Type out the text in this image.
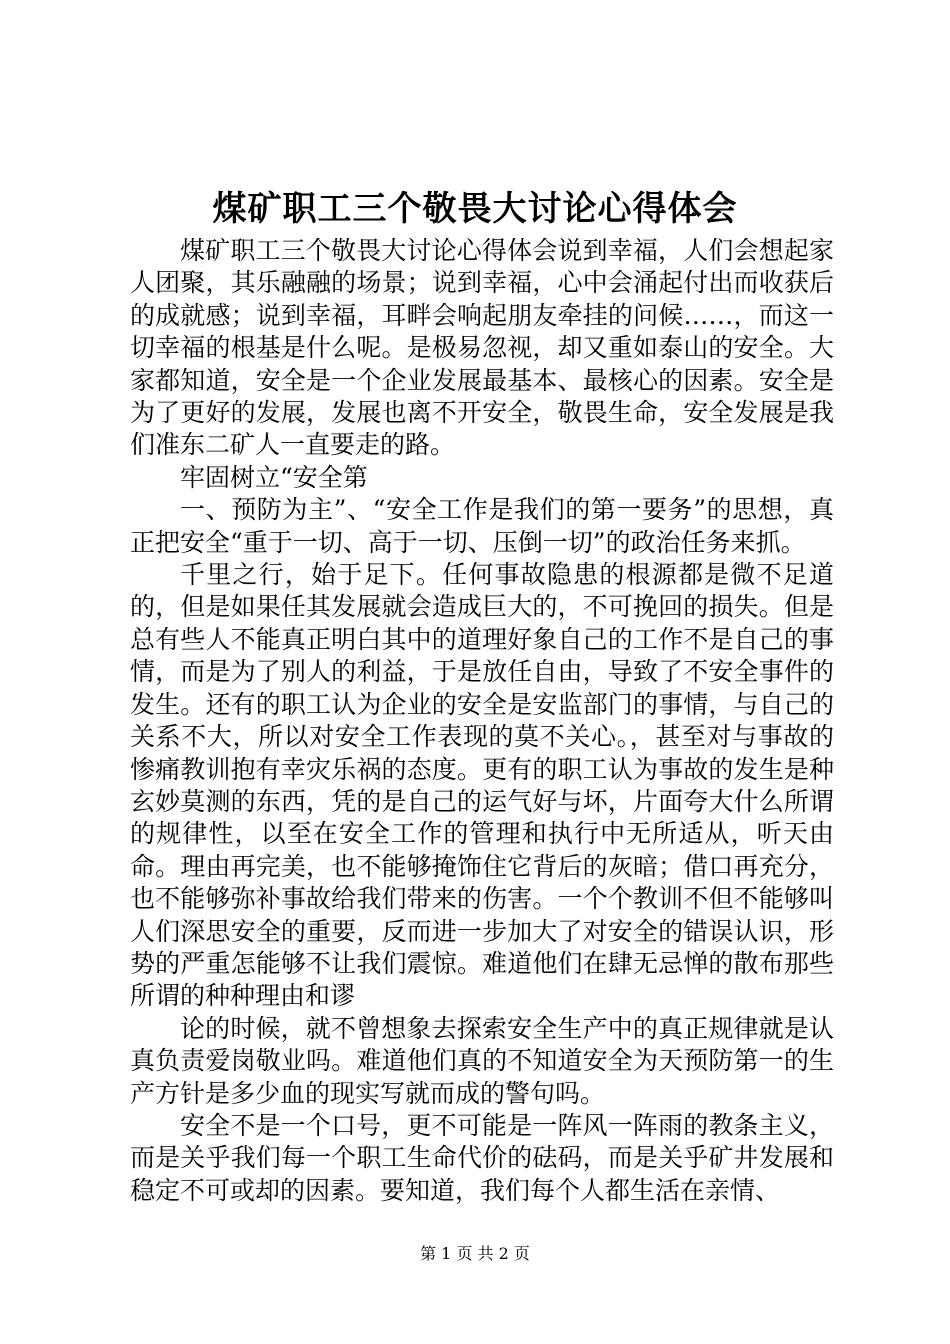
煤矿职工三个敬畏大讨论心得体会

煤矿职工三个敬畏大讨论心得体会说到幸福，人们会想起家人团聚，其乐融融的场景；说到幸福，心中会涌起付出而收获后的成就感；说到幸福，耳畔会响起朋友牵挂的问候……，而这一切幸福的根基是什么呢。是极易忽视，却又重如泰山的安全。大家都知道，安全是一个企业发展最基本、最核心的因素。安全是为了更好的发展，发展也离不开安全，敬畏生命，安全发展是我们准东二矿人一直要走的路。

牢固树立“安全第

一、预防为主”、“安全工作是我们的第一要务”的思想，真正把安全“重于一切、高于一切、压倒一切”的政治任务来抓。

千里之行，始于足下。任何事故隐患的根源都是微不足道的，但是如果任其发展就会造成巨大的，不可挽回的损失。但是总有些人不能真正明白其中的道理好象自己的工作不是自己的事情，而是为了别人的利益，于是放任自由，导致了不安全事件的发生。还有的职工认为企业的安全是安监部门的事情，与自己的关系不大，所以对安全工作表现的莫不关心。，甚至对与事故的惨痛教训抱有幸灾乐祸的态度。更有的职工认为事故的发生是种玄妙莫测的东西，凭的是自己的运气好与坏，片面夸大什么所谓的规律性，以至在安全工作的管理和执行中无所适从，听天由命。理由再完美，也不能够掩饰住它背后的灰暗；借口再充分，也不能够弥补事故给我们带来的伤害。一个个教训不但不能够叫人们深思安全的重要，反而进一步加大了对安全的错误认识，形势的严重怎能够不让我们震惊。难道他们在肆无忌惮的散布那些所谓的种种理由和谬

论的时候，就不曾想象去探索安全生产中的真正规律就是认真负责爱岗敬业吗。难道他们真的不知道安全为天预防第一的生产方针是多少血的现实写就而成的警句吗。

安全不是一个口号，更不可能是一阵风一阵雨的教条主义，而是关乎我们每一个职工生命代价的砝码，而是关乎矿井发展和稳定不可或却的因素。要知道，我们每个人都生活在亲情、

第 1 页 共 2 页
